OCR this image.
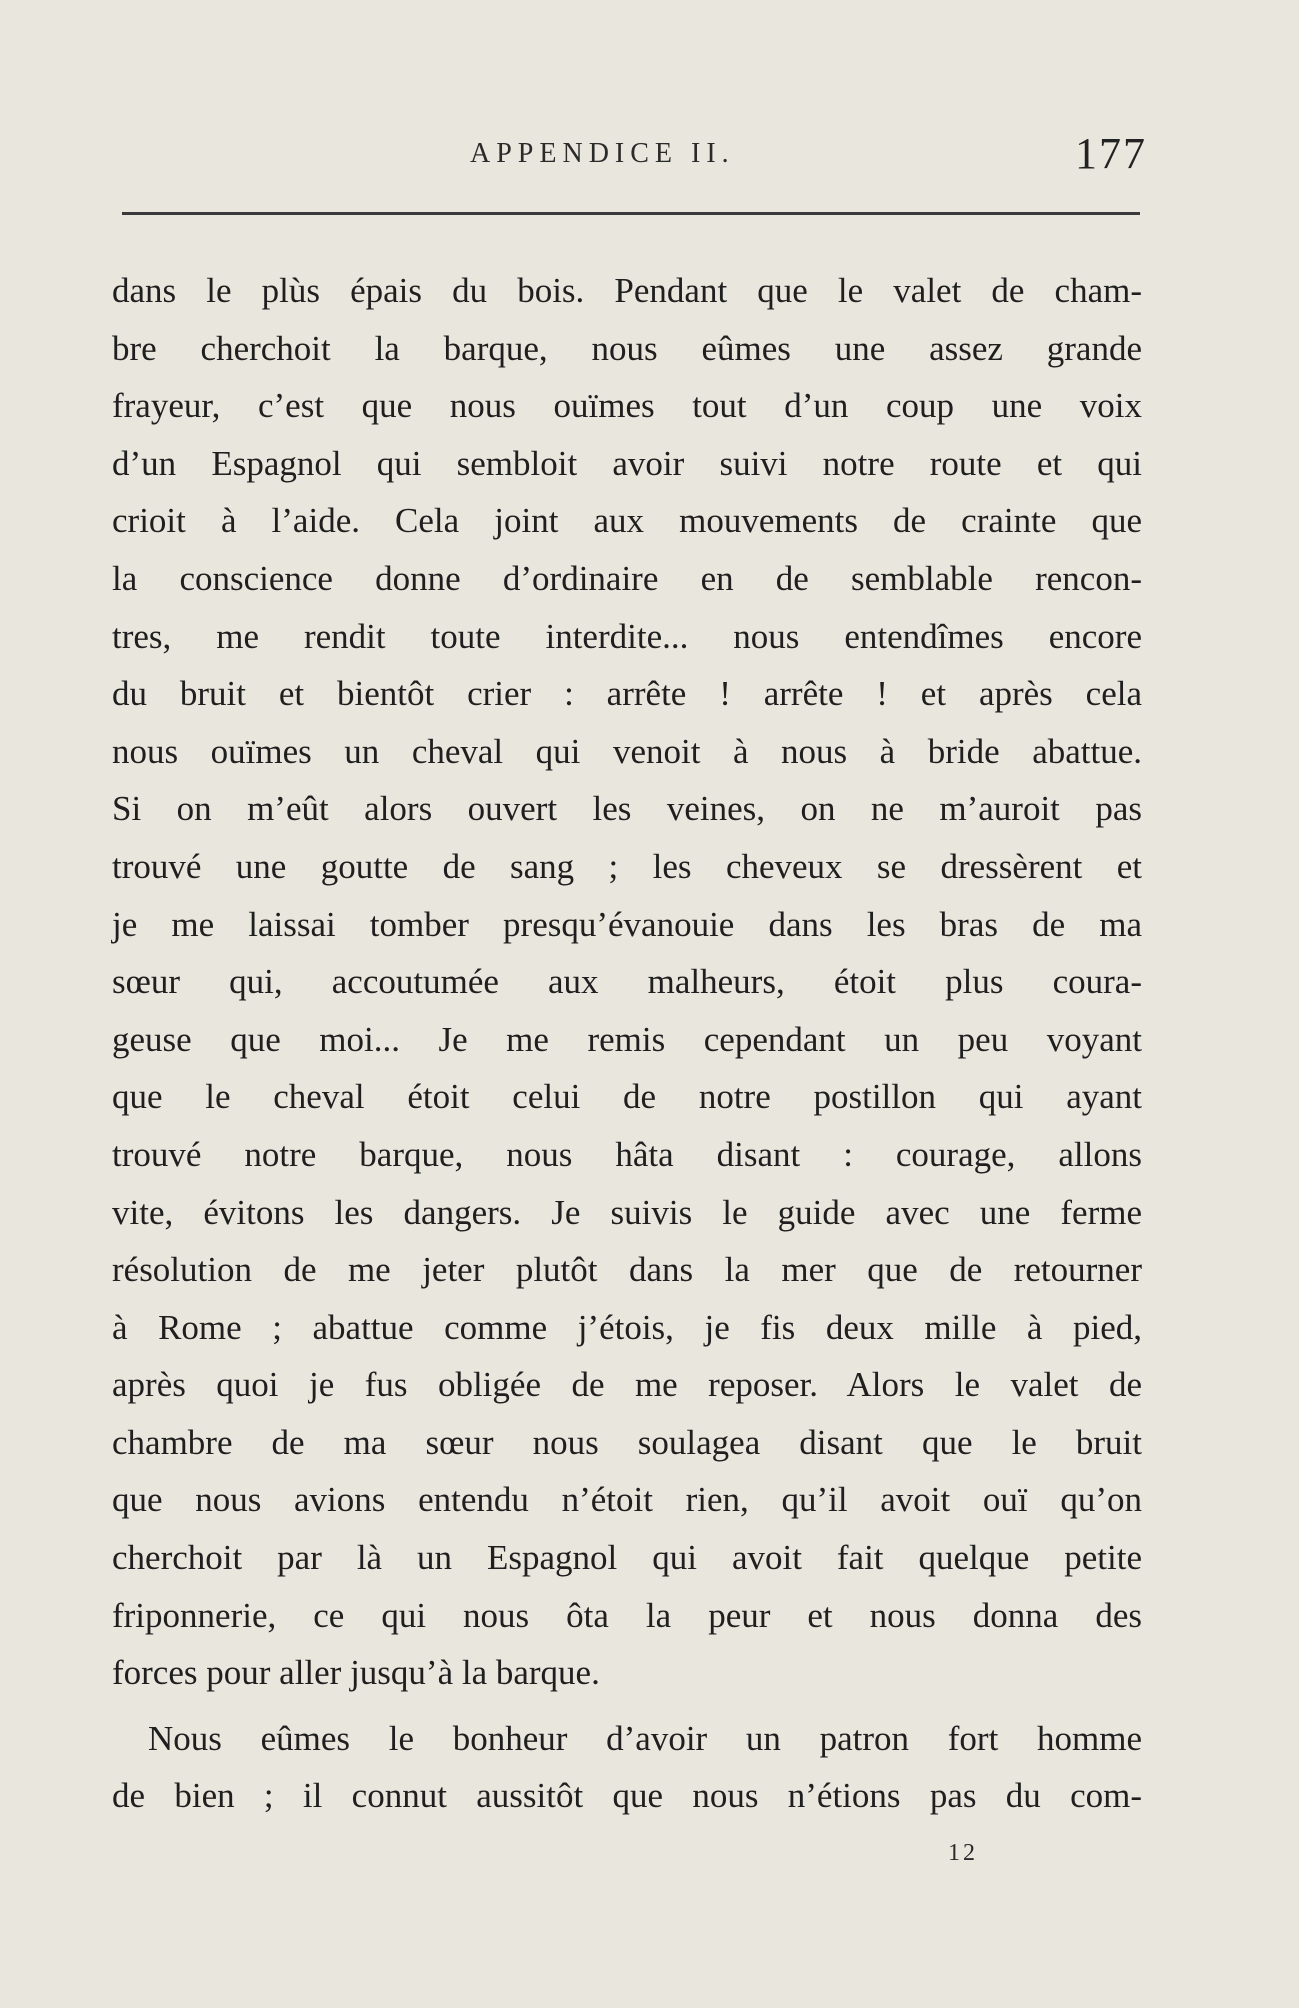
APPENDICE II.	177
dans le plùs épais du bois. Pendant que le valet de cham-
bre cherchoit la barque, nous eûmes une assez grande
frayeur, c’est que nous ouïmes tout d’un coup une voix
d’un Espagnol qui sembloit avoir suivi notre route et qui
crioit à l’aide. Cela joint aux mouvements de crainte que
la conscience donne d’ordinaire en de semblable rencon-
tres, me rendit toute interdite... nous entendîmes encore
du bruit et bientôt crier : arrête ! arrête ! et après cela
nous ouïmes un cheval qui venoit à nous à bride abattue.
Si on m’eût alors ouvert les veines, on ne m’auroit pas
trouvé une goutte de sang ; les cheveux se dressèrent et
je me laissai tomber presqu’évanouie dans les bras de ma
sœur qui, accoutumée aux malheurs, étoit plus coura-
geuse que moi... Je me remis cependant un peu voyant
que le cheval étoit celui de notre postillon qui ayant
trouvé notre barque, nous hâta disant : courage, allons
vite, évitons les dangers. Je suivis le guide avec une ferme
résolution de me jeter plutôt dans la mer que de retourner
à Rome ; abattue comme j’étois, je fis deux mille à pied,
après quoi je fus obligée de me reposer. Alors le valet de
chambre de ma sœur nous soulagea disant que le bruit
que nous avions entendu n’étoit rien, qu’il avoit ouï qu’on
cherchoit par là un Espagnol qui avoit fait quelque petite
friponnerie, ce qui nous ôta la peur et nous donna des
forces pour aller jusqu’à la barque.
Nous eûmes le bonheur d’avoir un patron fort homme
de bien ; il connut aussitôt que nous n’étions pas du com-
12
